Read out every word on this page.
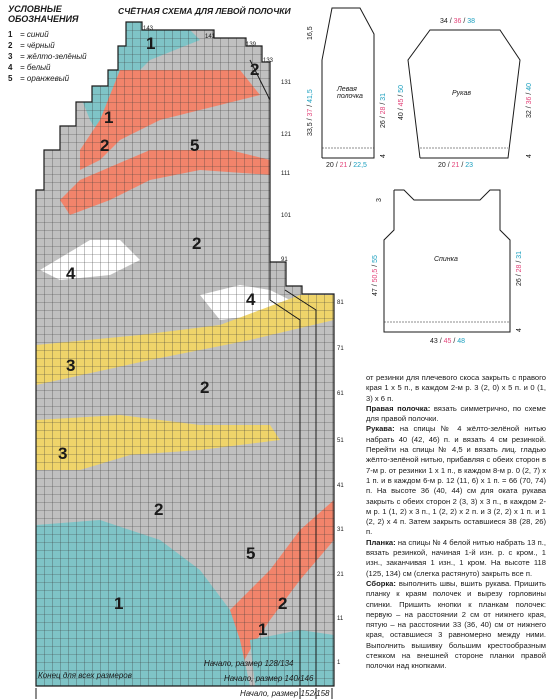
УСЛОВНЫЕ
ОБОЗНАЧЕНИЯ
1 = синий
2 = чёрный
3 = жёлто-зелёный
4 = белый
5 = оранжевый
СЧЁТНАЯ СХЕМА ДЛЯ ЛЕВОЙ ПОЛОЧКИ
143
141
139
133
131
121
111
101
91
81
71
61
51
41
31
21
11
1
1
2
1
2	5
2
4
4
3
2
3
2
5
1	2
1
Конец для всех размеров
Начало, размер 128/134
Начало, размер 140/146
Начало, размер 152/158
Левая
полочка	Рукав
Спинка
16,5
33,5 / 37 / 41,5
26 / 28 / 31
4
20 / 21 / 22,5
34 / 36 / 38
40 / 45 / 50
32 / 36 / 40
4
20 / 21 / 23
3
47 / 50,5 / 55
26 / 28 / 31
4
43 / 45 / 48

от резинки для плечевого скоса закрыть с правого края 1 х 5 п., в каждом 2-м р. 3 (2, 0) х 5 п. и 0 (1, 3) х 6 п.

Правая полочка: вязать симметрично, по схеме для правой полочки.

Рукава: на спицы № 4 жёлто-зелёной нитью набрать 40 (42, 46) п. и вязать 4 см резинкой. Перейти на спицы № 4,5 и вязать лиц. гладью жёлто-зелёной нитью, прибавляя с обеих сторон в 7-м р. от резинки 1 х 1 п., в каждом 8-м р. 0 (2, 7) х 1 п. и в каждом 6-м р. 12 (11, 6) х 1 п. = 66 (70, 74) п. На высоте 36 (40, 44) см для оката рукава закрыть с обеих сторон 2 (3, 3) х 3 п., в каждом 2-м р. 1 (1, 2) х 3 п., 1 (2, 2) х 2 п. и 3 (2, 2) х 1 п. и 1 (2, 2) х 4 п. Затем закрыть оставшиеся 38 (28, 26) п.

Планка: на спицы № 4 белой нитью набрать 13 п., вязать резинкой, начиная 1-й изн. р. с кром., 1 изн., заканчивая 1 изн., 1 кром. На высоте 118 (125, 134) см (слегка растянуто) закрыть все п.

Сборка: выполнить швы, вшить рукава. Пришить планку к краям полочек и вырезу горловины спинки. Пришить кнопки к планкам полочек: первую – на расстоянии 2 см от нижнего края, пятую – на расстоянии 33 (36, 40) см от нижнего края, оставшиеся 3 равномерно между ними. Выполнить вышивку большим крестообразным стежком на внешней стороне планки правой полочки над кнопками.
